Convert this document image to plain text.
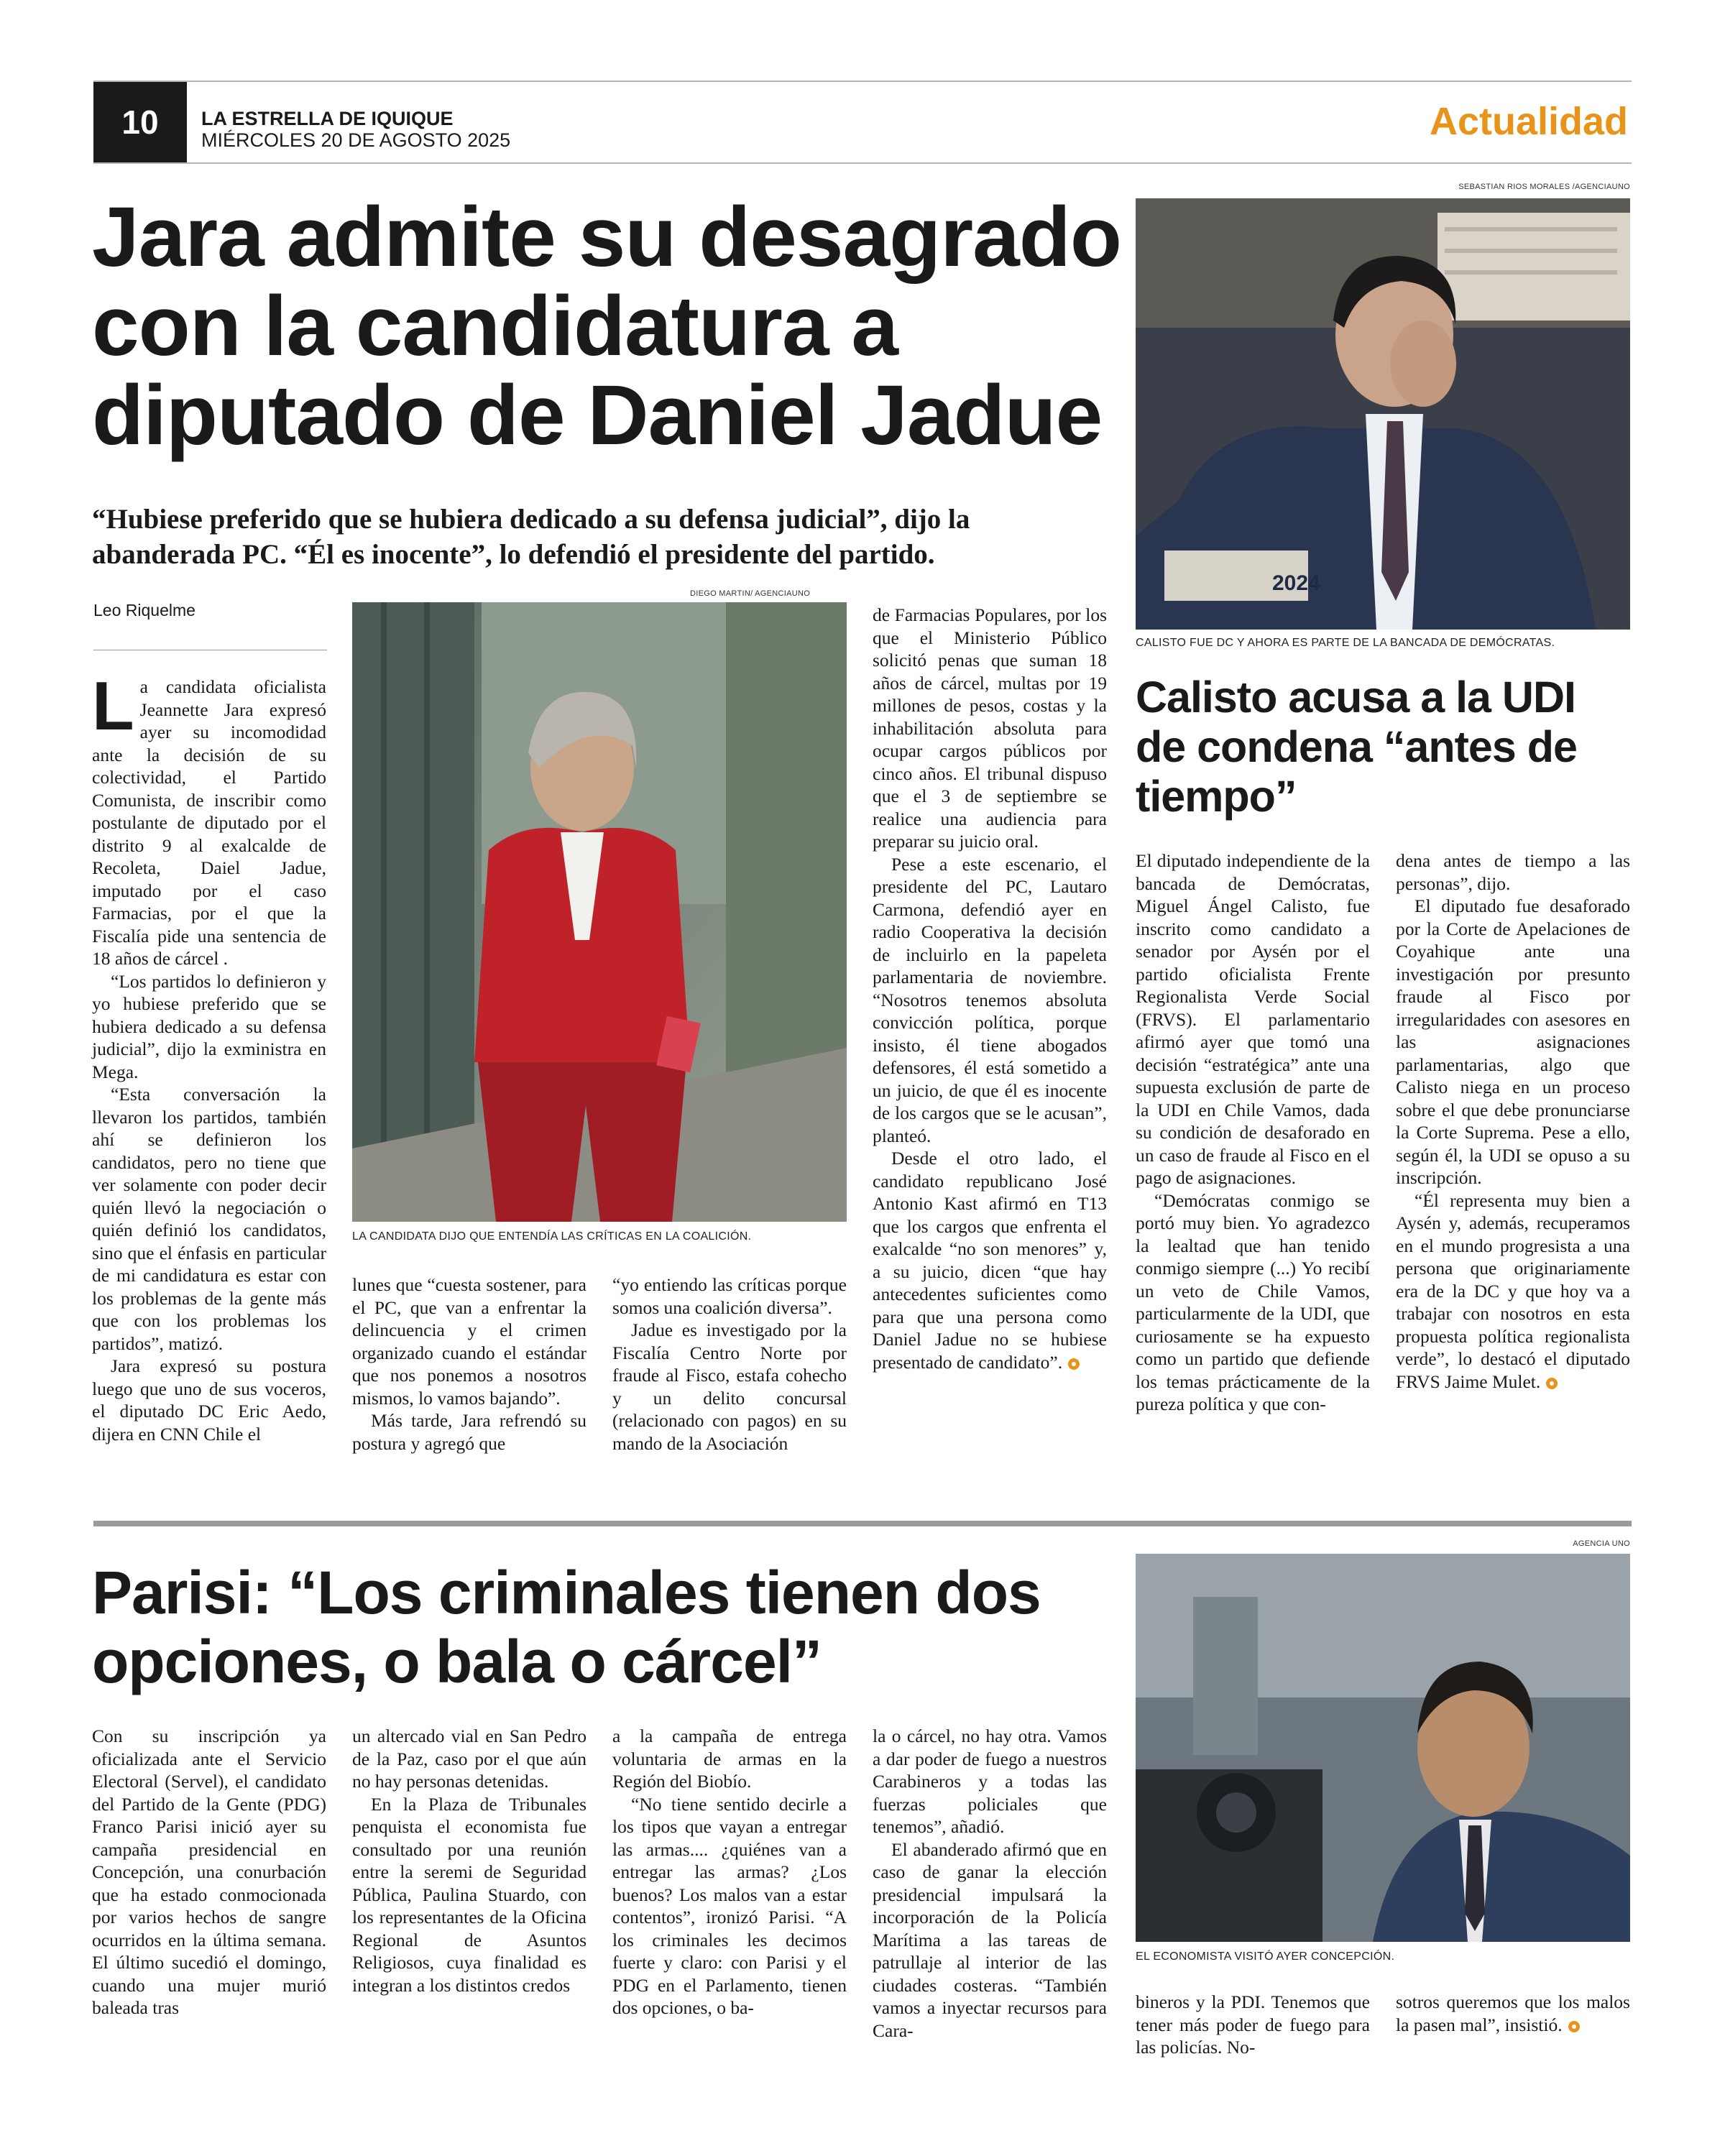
10 LA ESTRELLA DE IQUIQUE
MIÉRCOLES 20 DE AGOSTO 2025	Actualidad
Jara admite su desagrado con la candidatura a diputado de Daniel Jadue
“Hubiese preferido que se hubiera dedicado a su defensa judicial”, dijo la abanderada PC. “Él es inocente”, lo defendió el presidente del partido.
Leo Riquelme
DIEGO MARTIN/ AGENCIAUNO
LA CANDIDATA DIJO QUE ENTENDÍA LAS CRÍTICAS EN LA COALICIÓN.

La candidata oficialista Jeannette Jara expresó ayer su incomodidad ante la decisión de su colectividad, el Partido Comunista, de inscribir como postulante de diputado por el distrito 9 al exalcalde de Recoleta, Daiel Jadue, imputado por el caso Farmacias, por el que la Fiscalía pide una sentencia de 18 años de cárcel .

“Los partidos lo definieron y yo hubiese preferido que se hubiera dedicado a su defensa judicial”, dijo la exministra en Mega.

“Esta conversación la llevaron los partidos, también ahí se definieron los candidatos, pero no tiene que ver solamente con poder decir quién llevó la negociación o quién definió los candidatos, sino que el énfasis en particular de mi candidatura es estar con los problemas de la gente más que con los problemas los partidos”, matizó.

Jara expresó su postura luego que uno de sus voceros, el diputado DC Eric Aedo, dijera en CNN Chile el

lunes que “cuesta sostener, para el PC, que van a enfrentar la delincuencia y el crimen organizado cuando el estándar que nos ponemos a nosotros mismos, lo vamos bajando”.

Más tarde, Jara refrendó su postura y agregó que

“yo entiendo las críticas porque somos una coalición diversa”.

Jadue es investigado por la Fiscalía Centro Norte por fraude al Fisco, estafa cohecho y un delito concursal (relacionado con pagos) en su mando de la Asociación

de Farmacias Populares, por los que el Ministerio Público solicitó penas que suman 18 años de cárcel, multas por 19 millones de pesos, costas y la inhabilitación absoluta para ocupar cargos públicos por cinco años. El tribunal dispuso que el 3 de septiembre se realice una audiencia para preparar su juicio oral.

Pese a este escenario, el presidente del PC, Lautaro Carmona, defendió ayer en radio Cooperativa la decisión de incluirlo en la papeleta parlamentaria de noviembre. “Nosotros tenemos absoluta convicción política, porque insisto, él tiene abogados defensores, él está sometido a un juicio, de que él es inocente de los cargos que se le acusan”, planteó.

Desde el otro lado, el candidato republicano José Antonio Kast afirmó en T13 que los cargos que enfrenta el exalcalde “no son menores” y, a su juicio, dicen “que hay antecedentes suficientes como para que una persona como Daniel Jadue no se hubiese presentado de candidato”.

SEBASTIAN RIOS MORALES /AGENCIAUNO
2024
CALISTO FUE DC Y AHORA ES PARTE DE LA BANCADA DE DEMÓCRATAS.
Calisto acusa a la UDI de condena “antes de tiempo”

El diputado independiente de la bancada de Demócratas, Miguel Ángel Calisto, fue inscrito como candidato a senador por Aysén por el partido oficialista Frente Regionalista Verde Social (FRVS). El parlamentario afirmó ayer que tomó una decisión “estratégica” ante una supuesta exclusión de parte de la UDI en Chile Vamos, dada su condición de desaforado en un caso de fraude al Fisco en el pago de asignaciones.

“Demócratas conmigo se portó muy bien. Yo agradezco la lealtad que han tenido conmigo siempre (...) Yo recibí un veto de Chile Vamos, particularmente de la UDI, que curiosamente se ha expuesto como un partido que defiende los temas prácticamente de la pureza política y que con-

dena antes de tiempo a las personas”, dijo.

El diputado fue desaforado por la Corte de Apelaciones de Coyahique ante una investigación por presunto fraude al Fisco por irregularidades con asesores en las asignaciones parlamentarias, algo que Calisto niega en un proceso sobre el que debe pronunciarse la Corte Suprema. Pese a ello, según él, la UDI se opuso a su inscripción.

“Él representa muy bien a Aysén y, además, recuperamos en el mundo progresista a una persona que originariamente era de la DC y que hoy va a trabajar con nosotros en esta propuesta política regionalista verde”, lo destacó el diputado FRVS Jaime Mulet.

Parisi: “Los criminales tienen dos opciones, o bala o cárcel”
AGENCIA UNO
EL ECONOMISTA VISITÓ AYER CONCEPCIÓN.

Con su inscripción ya oficializada ante el Servicio Electoral (Servel), el candidato del Partido de la Gente (PDG) Franco Parisi inició ayer su campaña presidencial en Concepción, una conurbación que ha estado conmocionada por varios hechos de sangre ocurridos en la última semana. El último sucedió el domingo, cuando una mujer murió baleada tras

un altercado vial en San Pedro de la Paz, caso por el que aún no hay personas detenidas.

En la Plaza de Tribunales penquista el economista fue consultado por una reunión entre la seremi de Seguridad Pública, Paulina Stuardo, con los representantes de la Oficina Regional de Asuntos Religiosos, cuya finalidad es integran a los distintos credos

a la campaña de entrega voluntaria de armas en la Región del Biobío.

“No tiene sentido decirle a los tipos que vayan a entregar las armas.... ¿quiénes van a entregar las armas? ¿Los buenos? Los malos van a estar contentos”, ironizó Parisi. “A los criminales les decimos fuerte y claro: con Parisi y el PDG en el Parlamento, tienen dos opciones, o ba-

la o cárcel, no hay otra. Vamos a dar poder de fuego a nuestros Carabineros y a todas las fuerzas policiales que tenemos”, añadió.

El abanderado afirmó que en caso de ganar la elección presidencial impulsará la incorporación de la Policía Marítima a las tareas de patrullaje al interior de las ciudades costeras. “También vamos a inyectar recursos para Cara-

bineros y la PDI. Tenemos que tener más poder de fuego para las policías. No-

sotros queremos que los malos la pasen mal”, insistió.
